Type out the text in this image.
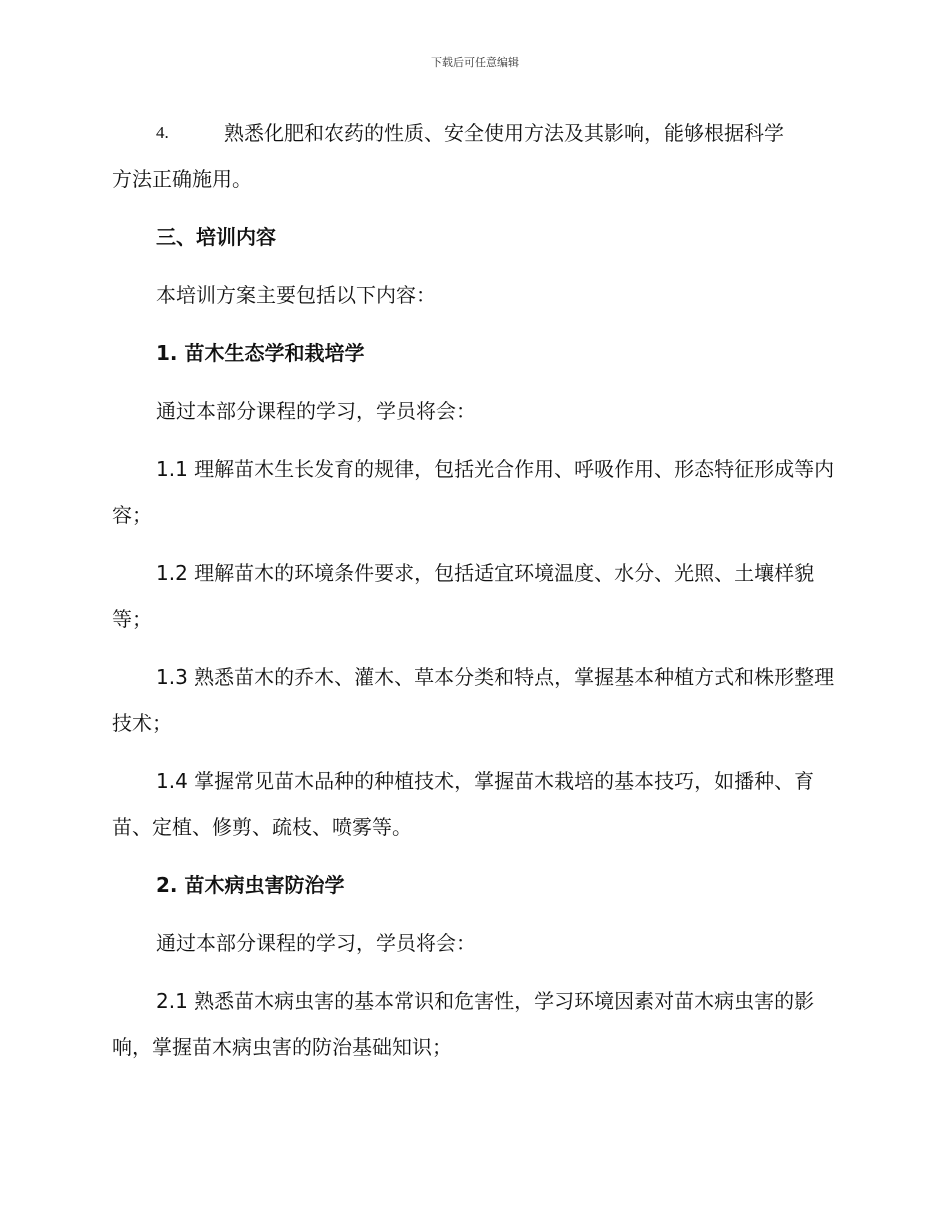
下载后可任意编辑
4.	熟悉化肥和农药的性质、安全使用方法及其影响，能够根据科学

方法正确施用。

三、培训内容

本培训方案主要包括以下内容：

1. 苗木生态学和栽培学

通过本部分课程的学习，学员将会：

1.1 理解苗木生长发育的规律，包括光合作用、呼吸作用、形态特征形成等内容；

1.2 理解苗木的环境条件要求，包括适宜环境温度、水分、光照、土壤样貌等；

1.3 熟悉苗木的乔木、灌木、草本分类和特点，掌握基本种植方式和株形整理技术；

1.4 掌握常见苗木品种的种植技术，掌握苗木栽培的基本技巧，如播种、育苗、定植、修剪、疏枝、喷雾等。

2. 苗木病虫害防治学

通过本部分课程的学习，学员将会：

2.1 熟悉苗木病虫害的基本常识和危害性，学习环境因素对苗木病虫害的影响，掌握苗木病虫害的防治基础知识；
